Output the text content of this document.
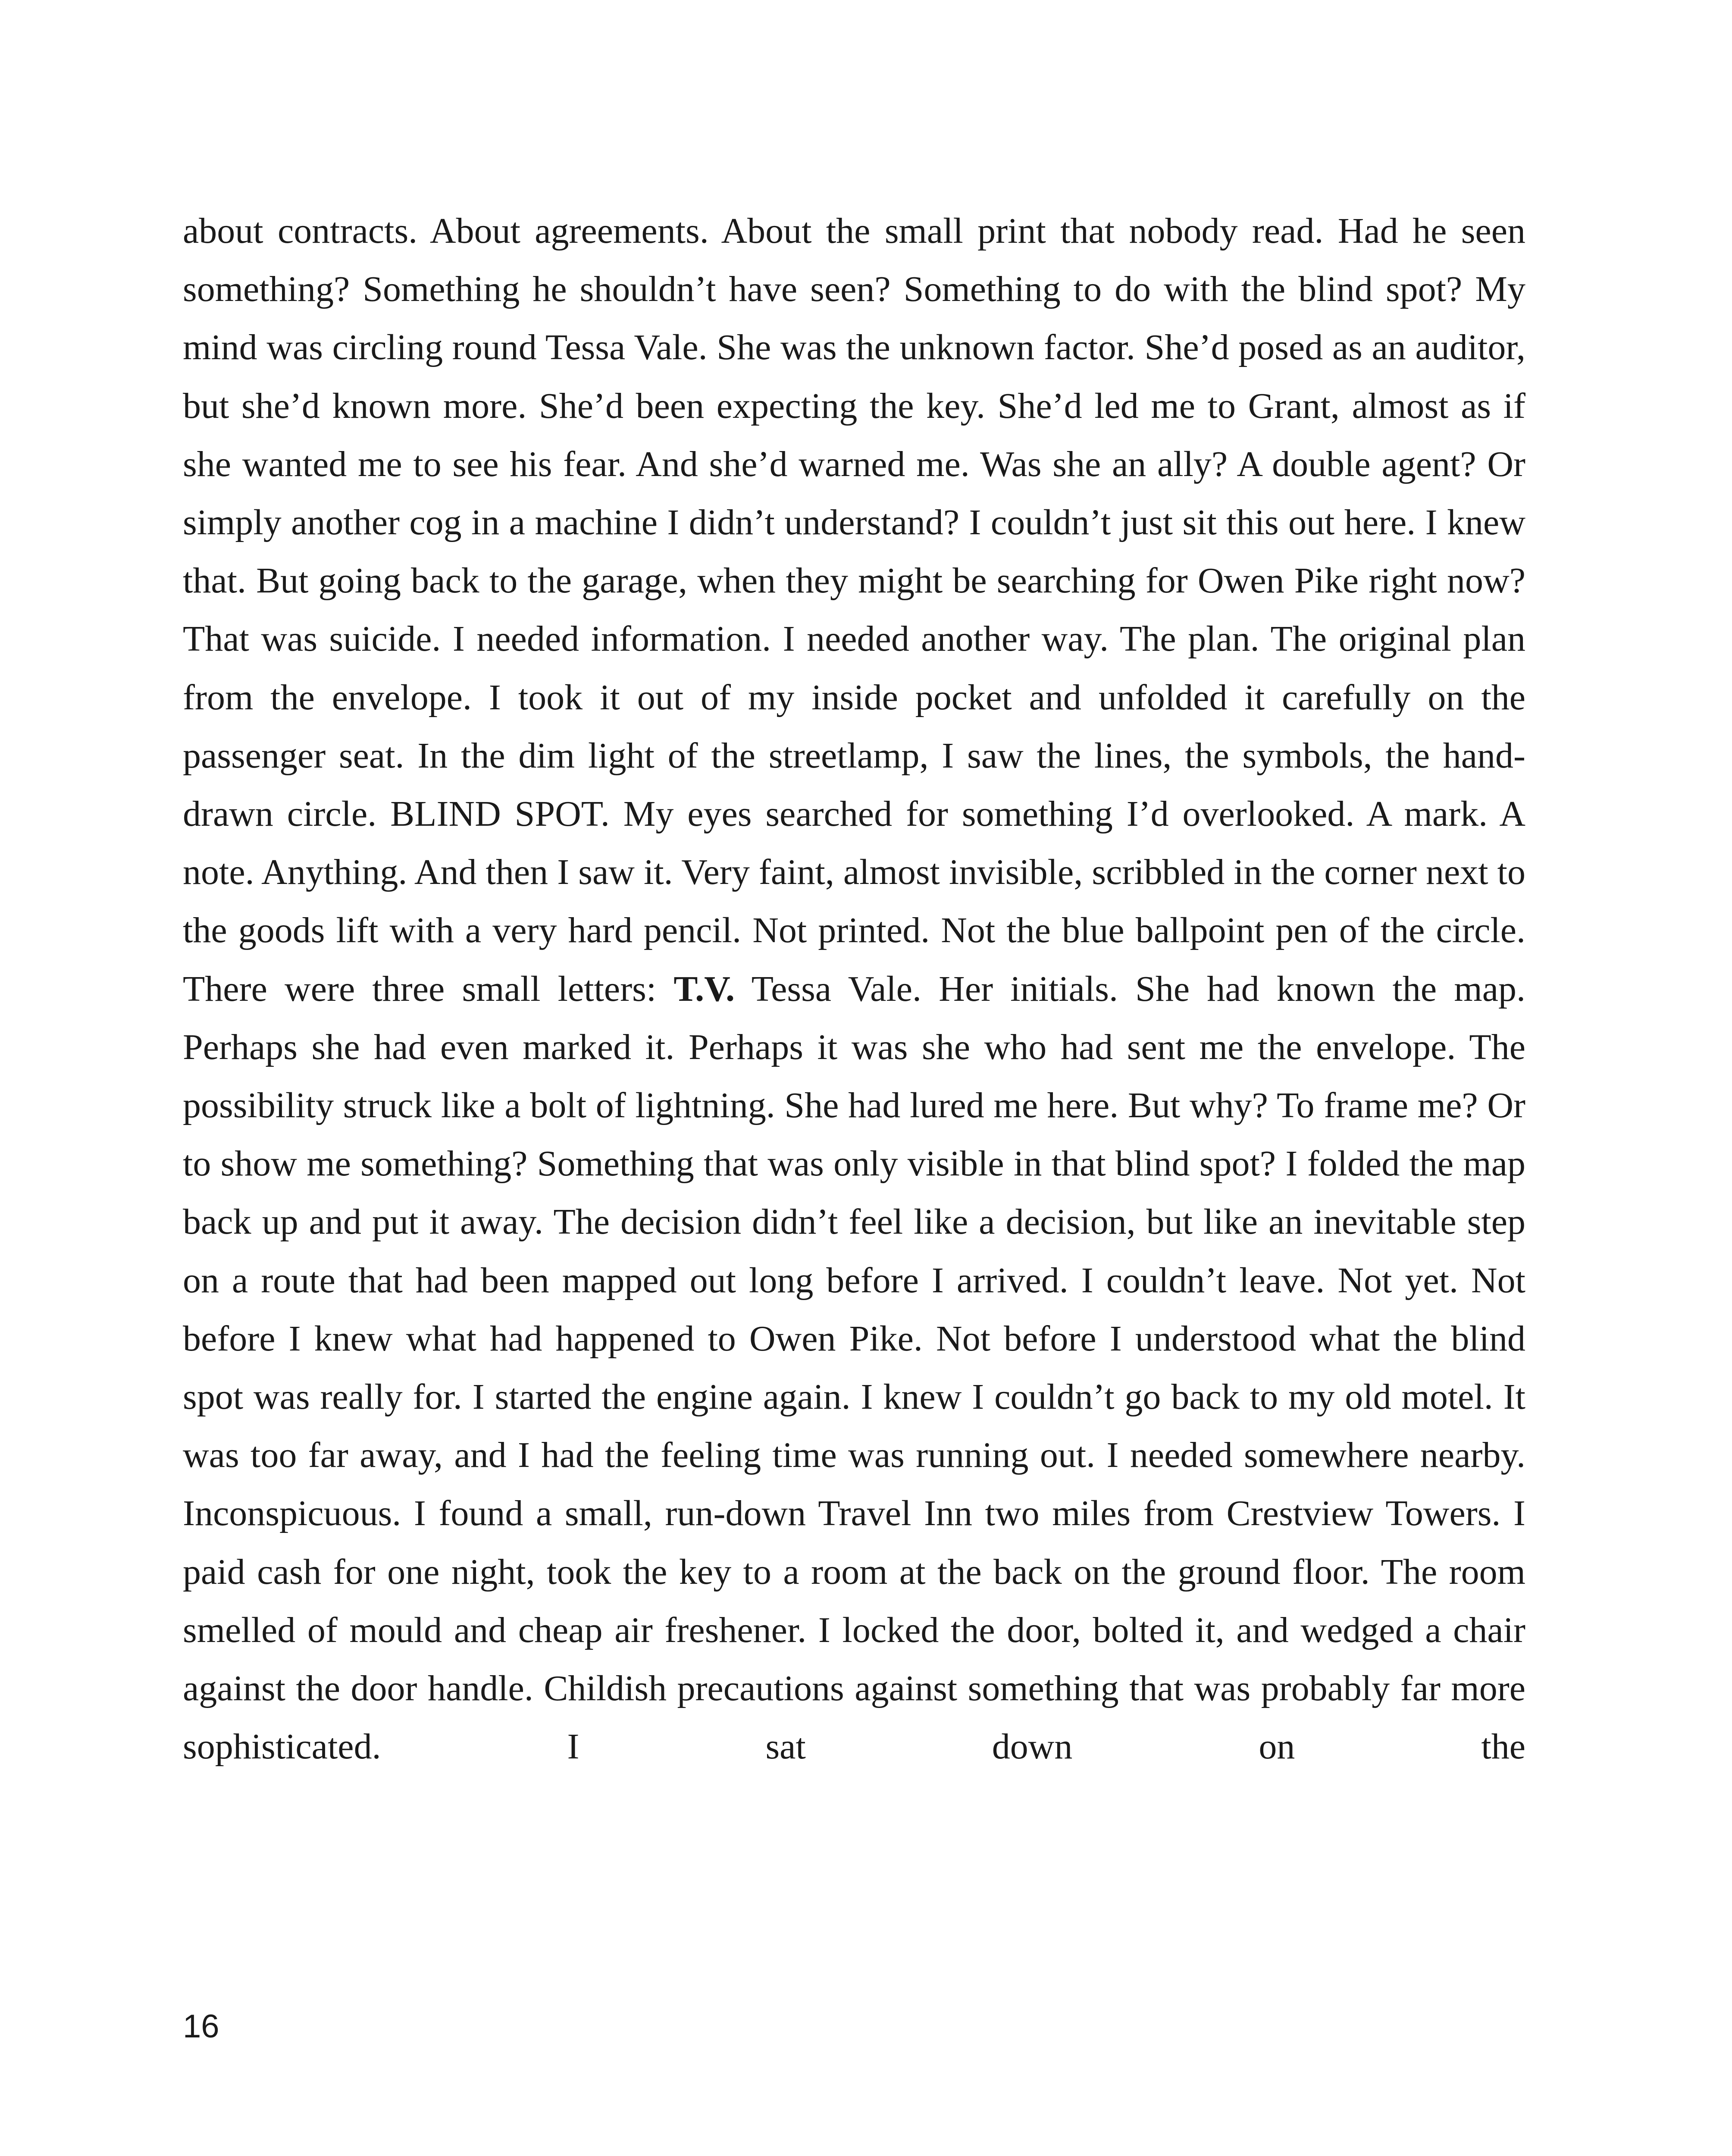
about contracts. About agreements. About the small print that nobody read. Had he seen something? Something he shouldn’t have seen? Something to do with the blind spot? My mind was circling round Tessa Vale. She was the unknown factor. She’d posed as an auditor, but she’d known more. She’d been expecting the key. She’d led me to Grant, almost as if she wanted me to see his fear. And she’d warned me. Was she an ally? A double agent? Or simply another cog in a machine I didn’t understand? I couldn’t just sit this out here. I knew that. But going back to the garage, when they might be searching for Owen Pike right now? That was suicide. I needed information. I needed another way. The plan. The original plan from the envelope. I took it out of my inside pocket and unfolded it carefully on the passenger seat. In the dim light of the streetlamp, I saw the lines, the symbols, the hand-drawn circle. BLIND SPOT. My eyes searched for something I’d overlooked. A mark. A note. Anything. And then I saw it. Very faint, almost invisible, scribbled in the corner next to the goods lift with a very hard pencil. Not printed. Not the blue ballpoint pen of the circle. There were three small letters: T.V. Tessa Vale. Her initials. She had known the map. Perhaps she had even marked it. Perhaps it was she who had sent me the envelope. The possibility struck like a bolt of lightning. She had lured me here. But why? To frame me? Or to show me something? Something that was only visible in that blind spot? I folded the map back up and put it away. The decision didn’t feel like a decision, but like an inevitable step on a route that had been mapped out long before I arrived. I couldn’t leave. Not yet. Not before I knew what had happened to Owen Pike. Not before I understood what the blind spot was really for. I started the engine again. I knew I couldn’t go back to my old motel. It was too far away, and I had the feeling time was running out. I needed somewhere nearby. Inconspicuous. I found a small, run-down Travel Inn two miles from Crestview Towers. I paid cash for one night, took the key to a room at the back on the ground floor. The room smelled of mould and cheap air freshener. I locked the door, bolted it, and wedged a chair against the door handle. Childish precautions against something that was probably far more sophisticated. I sat down on the

16
